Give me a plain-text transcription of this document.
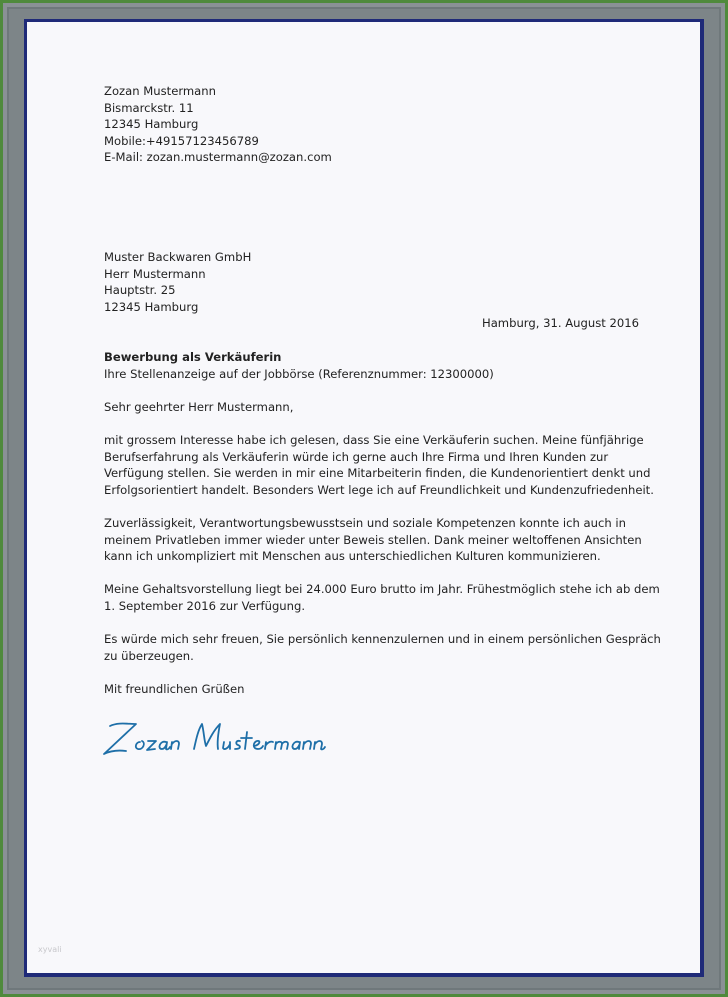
Zozan Mustermann
Bismarckstr. 11
12345 Hamburg
Mobile:+49157123456789
E-Mail: zozan.mustermann@zozan.com
Muster Backwaren GmbH
Herr Mustermann
Hauptstr. 25
12345 Hamburg
Hamburg, 31. August 2016
Bewerbung als Verkäuferin
Ihre Stellenanzeige auf der Jobbörse (Referenznummer: 12300000)
Sehr geehrter Herr Mustermann,
mit grossem Interesse habe ich gelesen, dass Sie eine Verkäuferin suchen. Meine fünfjährige
Berufserfahrung als Verkäuferin würde ich gerne auch Ihre Firma und Ihren Kunden zur
Verfügung stellen. Sie werden in mir eine Mitarbeiterin finden, die Kundenorientiert denkt und
Erfolgsorientiert handelt. Besonders Wert lege ich auf Freundlichkeit und Kundenzufriedenheit.
Zuverlässigkeit, Verantwortungsbewusstsein und soziale Kompetenzen konnte ich auch in
meinem Privatleben immer wieder unter Beweis stellen. Dank meiner weltoffenen Ansichten
kann ich unkompliziert mit Menschen aus unterschiedlichen Kulturen kommunizieren.
Meine Gehaltsvorstellung liegt bei 24.000 Euro brutto im Jahr. Frühestmöglich stehe ich ab dem
1. September 2016 zur Verfügung.
Es würde mich sehr freuen, Sie persönlich kennenzulernen und in einem persönlichen Gespräch
zu überzeugen.
Mit freundlichen Grüßen
xyvali
